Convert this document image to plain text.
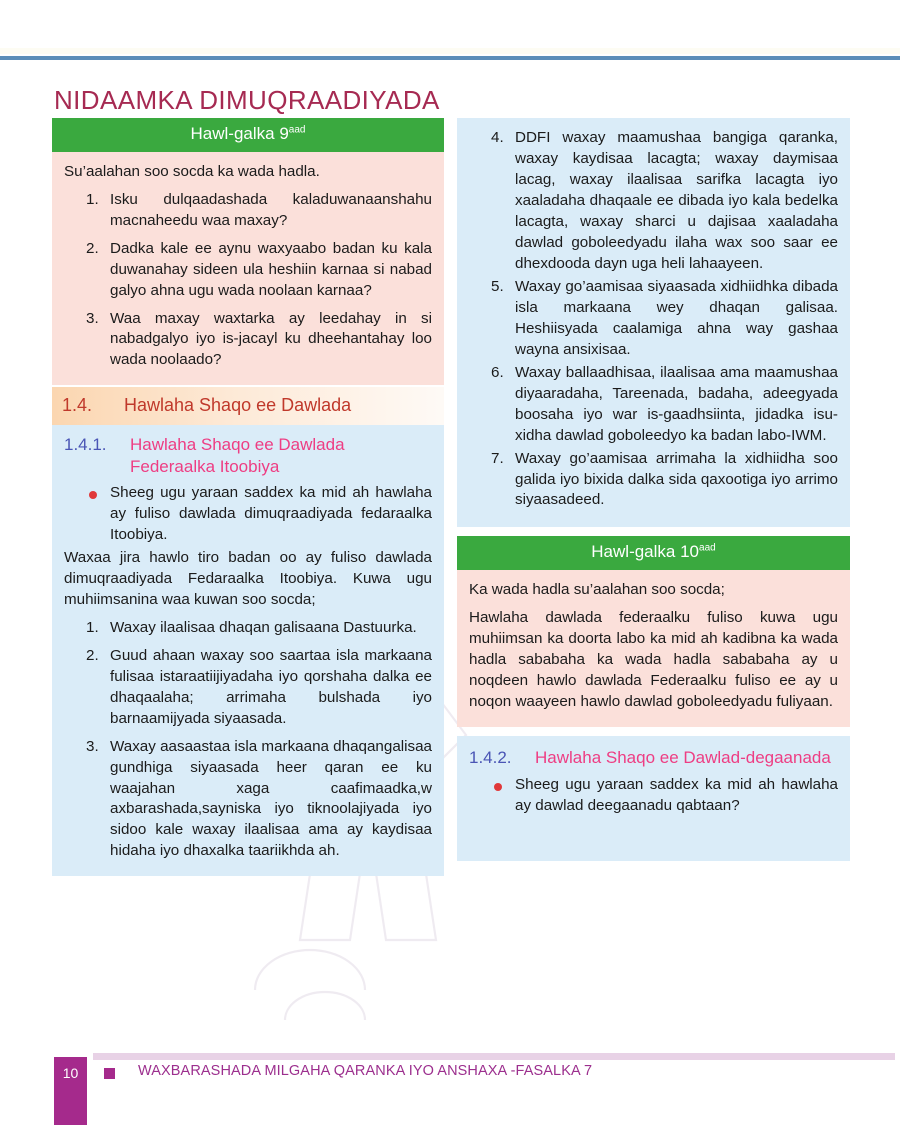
NIDAAMKA DIMUQRAADIYADA
Hawl-galka $9^{aad}$

Su’aalahan soo socda ka wada hadla.

Isku dulqaadashada kaladuwanaanshahu macnaheedu waa maxay?
Dadka kale ee aynu waxyaabo badan ku kala duwanahay sideen ula heshiin karnaa si nabad galyo ahna ugu wada noolaan karnaa?
Waa maxay waxtarka ay leedahay in si nabadgalyo iyo is-jacayl ku dheehantahay loo wada noolaado?
1.4.	Hawlaha Shaqo ee Dawlada
1.4.1.	Hawlaha Shaqo ee Dawlada Federaalka Itoobiya
Sheeg ugu yaraan saddex ka mid ah hawlaha ay fuliso dawlada dimuqraadiyada fedaraalka Itoobiya.

Waxaa jira hawlo tiro badan oo ay fuliso dawlada dimuqraadiyada Fedaraalka Itoobiya. Kuwa ugu muhiimsanina waa kuwan soo socda;

1. Waxay ilaalisaa dhaqan galisaana Dastuurka.
2. Guud ahaan waxay soo saartaa isla markaana fulisaa istaraatiijiyadaha iyo qorshaha dalka ee dhaqaalaha; arrimaha bulshada iyo barnaamijyada siyaasada.
3. Waxay aasaastaa isla markaana dhaqangalisaa gundhiga siyaasada heer qaran ee ku waajahan xaga caafimaadka,w axbarashada,sayniska iyo tiknoolajiyada iyo sidoo kale waxay ilaalisaa ama ay kaydisaa hidaha iyo dhaxalka taariikhda ah.
4. DDFI waxay maamushaa bangiga qaranka, waxay kaydisaa lacagta; waxay daymisaa lacag, waxay ilaalisaa sarifka lacagta iyo xaaladaha dhaqaale ee dibada iyo kala bedelka lacagta, waxay sharci u dajisaa xaaladaha dawlad goboleedyadu ilaha wax soo saar ee dhexdooda dayn uga heli lahaayeen.
5. Waxay go’aamisaa siyaasada xidhiidhka dibada isla markaana wey dhaqan galisaa. Heshiisyada caalamiga ahna way gashaa wayna ansixisaa.
6. Waxay ballaadhisaa, ilaalisaa ama maamushaa diyaaradaha, Tareenada, badaha, adeegyada boosaha iyo war is-gaadhsiinta, jidadka isu-xidha dawlad goboleedyo ka badan labo-IWM.
7. Waxay go’aamisaa arrimaha la xidhiidha soo galida iyo bixida dalka sida qaxootiga iyo arrimo siyaasadeed.
Hawl-galka $10^{aad}$

Ka wada hadla su’aalahan soo socda;

Hawlaha dawlada federaalku fuliso kuwa ugu muhiimsan ka doorta labo ka mid ah kadibna ka wada hadla sababaha ka wada hadla sababaha ay u noqdeen hawlo dawlada Federaalku fuliso ee ay u noqon waayeen hawlo dawlad goboleedyadu fuliyaan.

1.4.2.	Hawlaha Shaqo ee Dawlad-degaanada
Sheeg ugu yaraan saddex ka mid ah hawlaha ay dawlad deegaanadu qabtaan?
10	WAXBARASHADA MILGAHA QARANKA IYO ANSHAXA -FASALKA 7
